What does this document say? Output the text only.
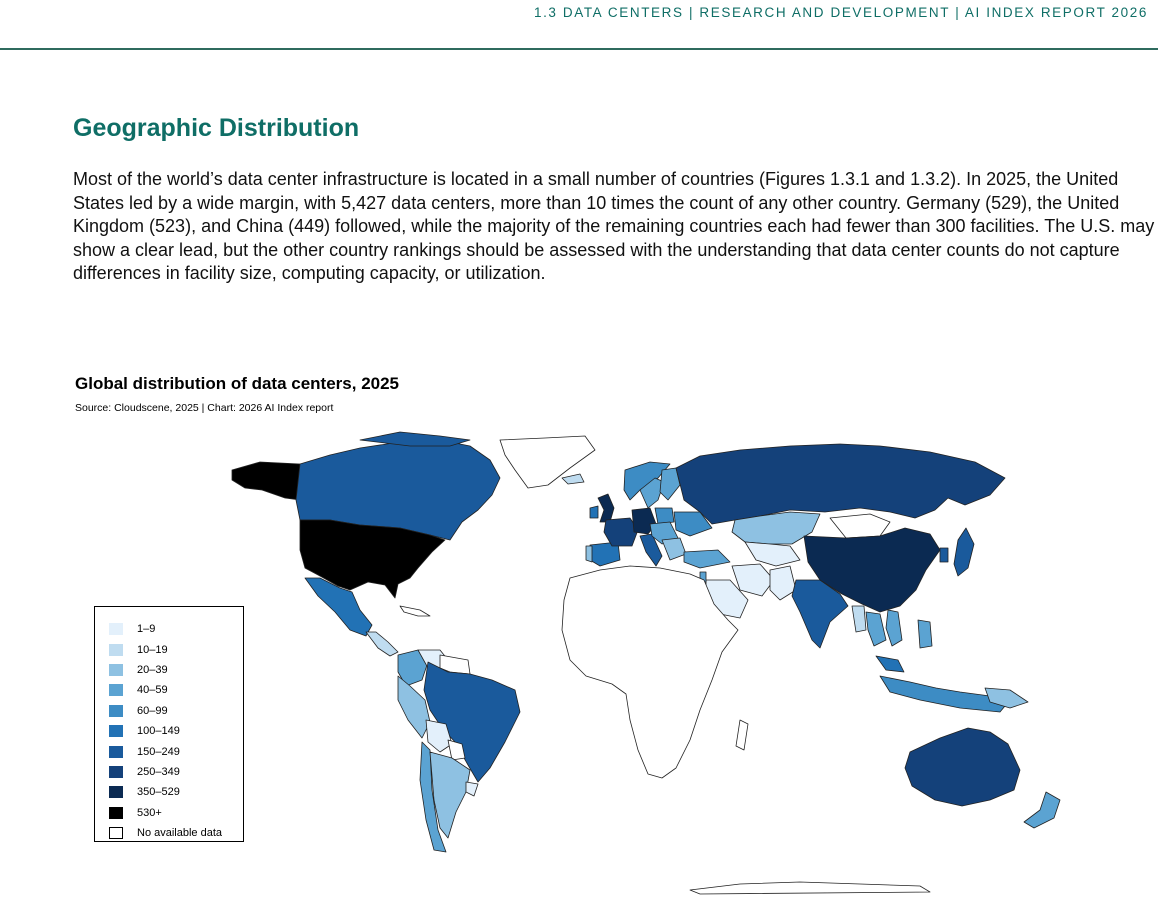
1.3 DATA CENTERS | RESEARCH AND DEVELOPMENT | AI INDEX REPORT 2026
Geographic Distribution

Most of the world’s data center infrastructure is located in a small number of countries (Figures 1.3.1 and 1.3.2). In 2025, the United States led by a wide margin, with 5,427 data centers, more than 10 times the count of any other country. Germany (529), the United Kingdom (523), and China (449) followed, while the majority of the remaining countries each had fewer than 300 facilities. The U.S. may show a clear lead, but the other country rankings should be assessed with the understanding that data center counts do not capture differences in facility size, computing capacity, or utilization.

Global distribution of data centers, 2025

Source: Cloudscene, 2025 | Chart: 2026 AI Index report

1–9
10–19
20–39
40–59
60–99
100–149
150–249
250–349
350–529
530+
No available data
